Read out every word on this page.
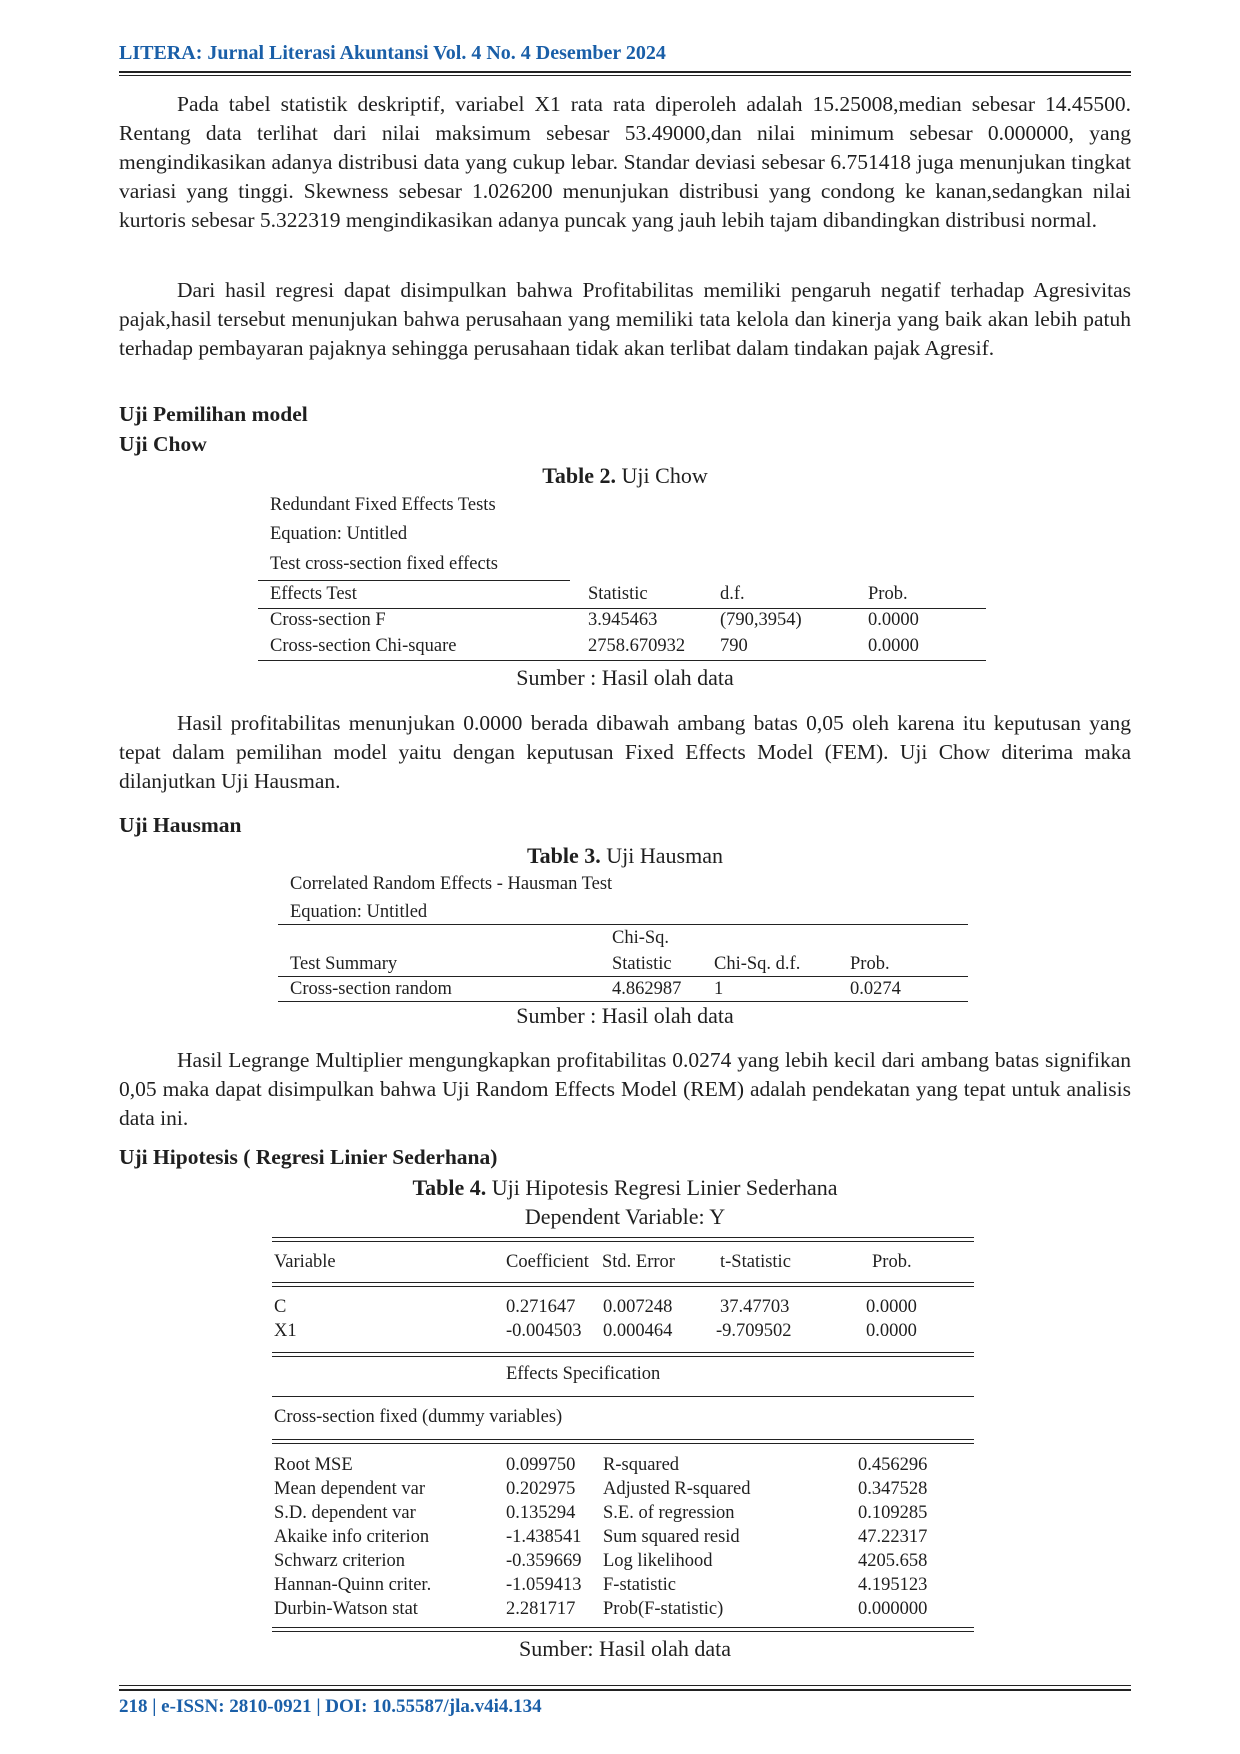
LITERA: Jurnal Literasi Akuntansi Vol. 4 No. 4 Desember 2024

Pada tabel statistik deskriptif, variabel X1 rata rata diperoleh adalah 15.25008,median sebesar 14.45500. Rentang data terlihat dari nilai maksimum sebesar 53.49000,dan nilai minimum sebesar 0.000000, yang mengindikasikan adanya distribusi data yang cukup lebar. Standar deviasi sebesar 6.751418 juga menunjukan tingkat variasi yang tinggi. Skewness sebesar 1.026200 menunjukan distribusi yang condong ke kanan,sedangkan nilai kurtoris sebesar 5.322319 mengindikasikan adanya puncak yang jauh lebih tajam dibandingkan distribusi normal.

Dari hasil regresi dapat disimpulkan bahwa Profitabilitas memiliki pengaruh negatif terhadap Agresivitas pajak,hasil tersebut menunjukan bahwa perusahaan yang memiliki tata kelola dan kinerja yang baik akan lebih patuh terhadap pembayaran pajaknya sehingga perusahaan tidak akan terlibat dalam tindakan pajak Agresif.

Uji Pemilihan model
Uji Chow
Table 2. Uji Chow
Redundant Fixed Effects Tests
Equation: Untitled
Test cross-section fixed effects
Effects Test	Statistic	d.f.	Prob.
Cross-section F	3.945463	(790,3954)	0.0000
Cross-section Chi-square	2758.670932 790	0.0000
Sumber : Hasil olah data

Hasil profitabilitas menunjukan 0.0000 berada dibawah ambang batas 0,05 oleh karena itu keputusan yang tepat dalam pemilihan model yaitu dengan keputusan Fixed Effects Model (FEM). Uji Chow diterima maka dilanjutkan Uji Hausman.

Uji Hausman
Table 3. Uji Hausman
Correlated Random Effects - Hausman Test
Equation: Untitled
Chi-Sq.
Test Summary	Statistic Chi-Sq. d.f.	Prob.
Cross-section random	4.862987 1	0.0274
Sumber : Hasil olah data

Hasil Legrange Multiplier mengungkapkan profitabilitas 0.0274 yang lebih kecil dari ambang batas signifikan 0,05 maka dapat disimpulkan bahwa Uji Random Effects Model (REM) adalah pendekatan yang tepat untuk analisis data ini.

Uji Hipotesis ( Regresi Linier Sederhana)
Table 4. Uji Hipotesis Regresi Linier Sederhana
Dependent Variable: Y
Variable	Coefficient Std. Error t-Statistic	Prob.
C	0.271647 0.007248	37.47703	0.0000
X1	-0.004503 0.000464 -9.709502	0.0000
Effects Specification
Cross-section fixed (dummy variables)
Root MSE	0.099750 R-squared	0.456296
Mean dependent var	0.202975 Adjusted R-squared	0.347528
S.D. dependent var	0.135294 S.E. of regression	0.109285
Akaike info criterion	-1.438541 Sum squared resid	47.22317
Schwarz criterion	-0.359669 Log likelihood	4205.658
Hannan-Quinn criter.	-1.059413 F-statistic	4.195123
Durbin-Watson stat	2.281717 Prob(F-statistic)	0.000000
Sumber: Hasil olah data
218 | e-ISSN: 2810-0921 | DOI: 10.55587/jla.v4i4.134
